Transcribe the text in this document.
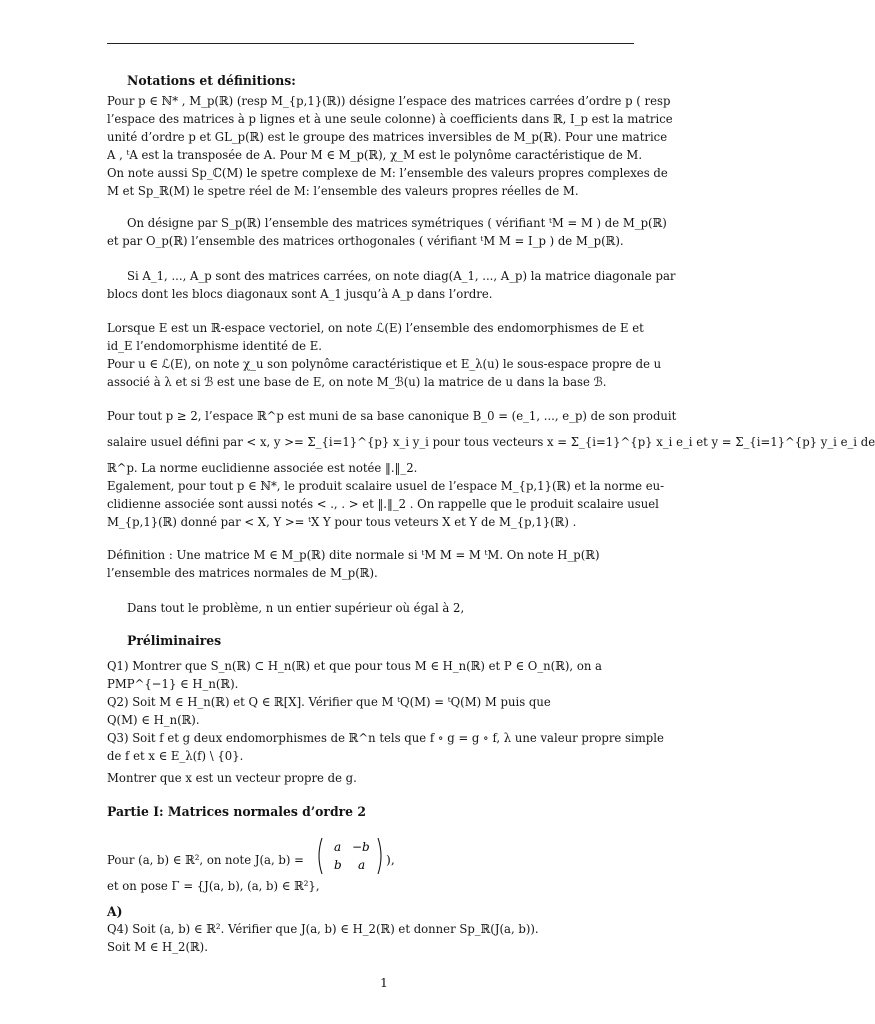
Notations et définitions:
Pour p ∈ ℕ* , M_p(ℝ) (resp M_{p,1}(ℝ)) désigne l’espace des matrices carrées d’ordre p ( resp
l’espace des matrices à p lignes et à une seule colonne) à coefficients dans ℝ, I_p est la matrice
unité d’ordre p et GL_p(ℝ) est le groupe des matrices inversibles de M_p(ℝ). Pour une matrice
A , ᵗA est la transposée de A. Pour M ∈ M_p(ℝ), χ_M est le polynôme caractéristique de M.
On note aussi Sp_ℂ(M) le spetre complexe de M: l’ensemble des valeurs propres complexes de
M et Sp_ℝ(M) le spetre réel de M: l’ensemble des valeurs propres réelles de M.
On désigne par S_p(ℝ) l’ensemble des matrices symétriques ( vérifiant ᵗM = M ) de M_p(ℝ)
et par O_p(ℝ) l’ensemble des matrices orthogonales ( vérifiant ᵗM M = I_p ) de M_p(ℝ).
Si A_1, ..., A_p sont des matrices carrées, on note diag(A_1, ..., A_p) la matrice diagonale par
blocs dont les blocs diagonaux sont A_1 jusqu’à A_p dans l’ordre.
Lorsque E est un ℝ-espace vectoriel, on note ℒ(E) l’ensemble des endomorphismes de E et
id_E l’endomorphisme identité de E.
Pour u ∈ ℒ(E), on note χ_u son polynôme caractéristique et E_λ(u) le sous-espace propre de u
associé à λ et si ℬ est une base de E, on note M_ℬ(u) la matrice de u dans la base ℬ.
Pour tout p ≥ 2, l’espace ℝ^p est muni de sa base canonique B_0 = (e_1, ..., e_p) de son produit
salaire usuel défini par < x, y >= Σ_{i=1}^{p} x_i y_i pour tous vecteurs x = Σ_{i=1}^{p} x_i e_i et y = Σ_{i=1}^{p} y_i e_i de
ℝ^p. La norme euclidienne associée est notée ‖.‖_2.
Egalement, pour tout p ∈ ℕ*, le produit scalaire usuel de l’espace M_{p,1}(ℝ) et la norme eu-
clidienne associée sont aussi notés < ., . > et ‖.‖_2 . On rappelle que le produit scalaire usuel
M_{p,1}(ℝ) donné par < X, Y >= ᵗX Y pour tous veteurs X et Y de M_{p,1}(ℝ) .
Définition : Une matrice M ∈ M_p(ℝ) dite normale si ᵗM M = M ᵗM. On note H_p(ℝ)
l’ensemble des matrices normales de M_p(ℝ).
Dans tout le problème, n un entier supérieur où égal à 2,
Préliminaires
Q1) Montrer que S_n(ℝ) ⊂ H_n(ℝ) et que pour tous M ∈ H_n(ℝ) et P ∈ O_n(ℝ), on a
PMP^{−1} ∈ H_n(ℝ).
Q2) Soit M ∈ H_n(ℝ) et Q ∈ ℝ[X]. Vérifier que M ᵗQ(M) = ᵗQ(M) M puis que
Q(M) ∈ H_n(ℝ).
Q3) Soit f et g deux endomorphismes de ℝ^n tels que f ∘ g = g ∘ f, λ une valeur propre simple
de f et x ∈ E_λ(f) \ {0}.
Montrer que x est un vecteur propre de g.
Partie I: Matrices normales d’ordre 2
Pour (a, b) ∈ ℝ², on note J(a, b) =
et on pose Γ = {J(a, b), (a, b) ∈ ℝ²},
A)
Q4) Soit (a, b) ∈ ℝ². Vérifier que J(a, b) ∈ H_2(ℝ) et donner Sp_ℝ(J(a, b)).
Soit M ∈ H_2(ℝ).
a −b
b a ),
1
